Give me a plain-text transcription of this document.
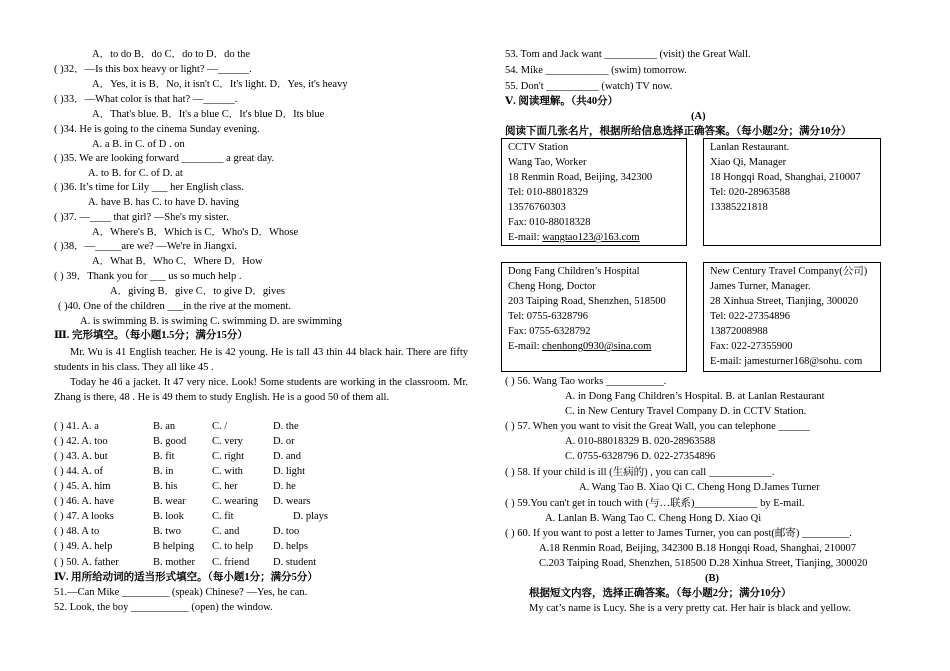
A．to do B．do C．do to D．do the
( )32．—Is this box heavy or light? —______.
A．Yes, it is B．No, it isn't C．It's light. D．Yes, it's heavy
( )33．—What color is that hat? —______.
A．That's blue. B．It's a blue C．It's blue D．Its blue
( )34. He is going to the cinema Sunday evening.
A. a B. in C. of D . on
( )35. We are looking forward ________ a great day.
A. to B. for C. of D. at
( )36. It’s time for Lily ___ her English class.
A. have B. has C. to have D. having
( )37. —____ that girl? —She's my sister.
A．Where's B．Which is C．Who's D．Whose
( )38．—_____are we? —We're in Jiangxi.
A．What B．Who C．Where D．How
( ) 39．Thank you for ___ us so much help .
A．giving B．give C．to give D．gives
( )40. One of the children ___in the rive at the moment.
A. is swimming B. is swiming C. swimming D. are swimming
Ⅲ. 完形填空。（每小题1.5分；满分15分）
Mr. Wu is 41 English teacher. He is 42 young. He is tall 43 thin 44 black hair. There are fifty students in his class. They all like 45 .
Today he 46 a jacket. It 47 very nice. Look! Some students are working in the classroom. Mr. Zhang is there, 48 . He is 49 them to study English. He is a good 50 of them all.
( ) 41. A. a	B. an	C. /	D. the
( ) 42. A. too	B. good C. very	D. or
( ) 43. A. but	B. fit	C. right	D. and
( ) 44. A. of	B. in	C. with	D. light
( ) 45. A. him	B. his	C. her	D. he
( ) 46. A. have	B. wear	C. wearing D. wears
( ) 47. A looks	B. look	C. fit	D. plays
( ) 48. A to	B. two	C. and	D. too
( ) 49. A. help	B helping C. to help D. helps
( ) 50. A. father	B. mother C. friend D. student
Ⅳ. 用所给动词的适当形式填空。（每小题1分；满分5分）
51.—Can Mike _________ (speak) Chinese? —Yes, he can.
52. Look, the boy ___________ (open) the window.
53. Tom and Jack want __________ (visit) the Great Wall.
54. Mike ____________ (swim) tomorrow.
55. Don't __________ (watch) TV now.
Ⅴ. 阅读理解。（共40分）
(A)
阅读下面几张名片，根据所给信息选择正确答案。（每小题2分；满分10分）
CCTV Station
Wang Tao, Worker
18 Renmin Road, Beijing, 342300
Tel: 010-88018329
13576760303
Fax: 010-88018328
E-mail: wangtao123@163.com
Lanlan Restaurant.
Xiao Qi, Manager
18 Hongqi Road, Shanghai, 210007
Tel: 020-28963588
13385221818
Dong Fang Children’s Hospital
Cheng Hong, Doctor
203 Taiping Road, Shenzhen, 518500
Tel: 0755-6328796
Fax: 0755-6328792
E-mail: chenhong0930@sina.com
New Century Travel Company(公司)
James Turner, Manager.
28 Xinhua Street, Tianjing, 300020
Tel: 022-27354896
13872008988
Fax: 022-27355900
E-mail: jamesturner168@sohu. com
( ) 56. Wang Tao works ___________.
A. in Dong Fang Children’s Hospital. B. at Lanlan Restaurant
C. in New Century Travel Company D. in CCTV Station.
( ) 57. When you want to visit the Great Wall, you can telephone ______
A. 010-88018329 B. 020-28963588
C. 0755-6328796 D. 022-27354896
( ) 58. If your child is ill (生病的) , you can call ____________.
A. Wang Tao B. Xiao Qi C. Cheng Hong D.James Turner
( ) 59.You can't get in touch with (与…联系)____________ by E-mail.
A. Lanlan B. Wang Tao C. Cheng Hong D. Xiao Qi
( ) 60. If you want to post a letter to James Turner, you can post(邮寄) _________.
A.18 Renmin Road, Beijing, 342300 B.18 Hongqi Road, Shanghai, 210007
C.203 Taiping Road, Shenzhen, 518500 D.28 Xinhua Street, Tianjing, 300020
(B)
根据短文内容，选择正确答案。（每小题2分；满分10分）
My cat’s name is Lucy. She is a very pretty cat. Her hair is black and yellow.
